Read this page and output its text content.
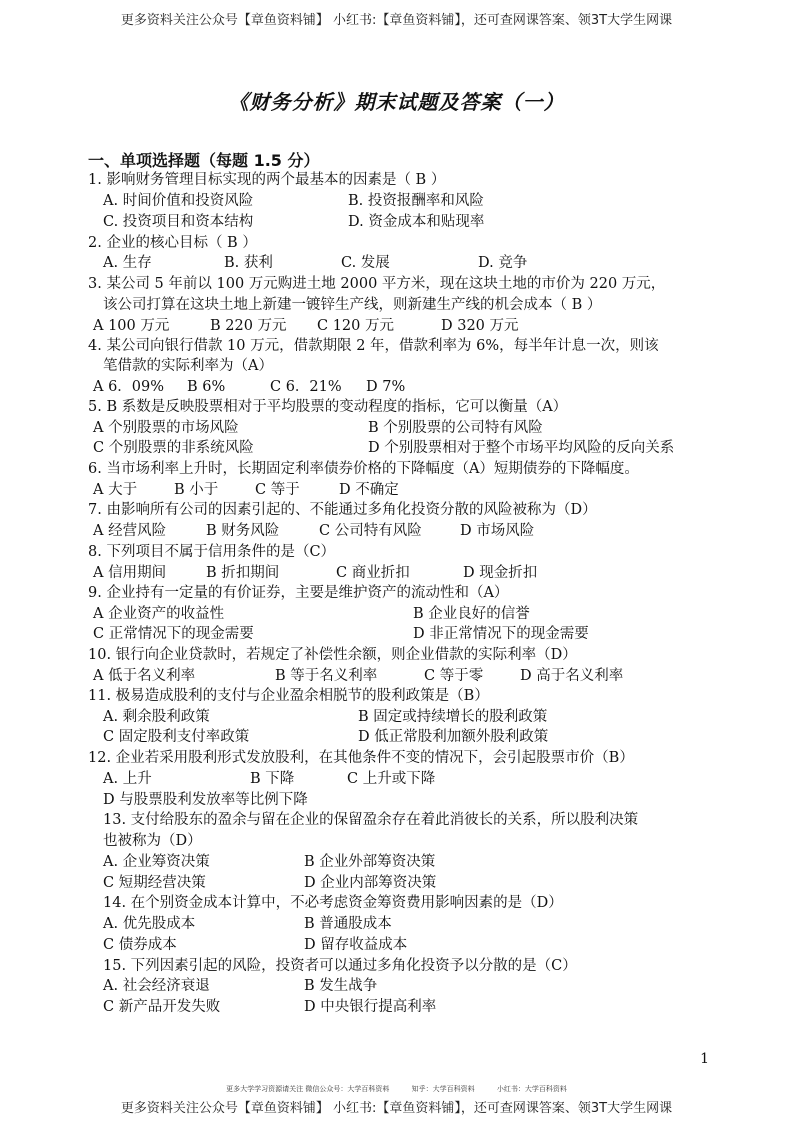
更多资料关注公众号【章鱼资料铺】 小红书:【章鱼资料铺】，还可查网课答案、领3T大学生网课
《财务分析》期末试题及答案（一）
一、单项选择题（每题 1.5 分）
1. 影响财务管理目标实现的两个最基本的因素是（ B ）
A. 时间价值和投资风险	B. 投资报酬率和风险
C. 投资项目和资本结构	D. 资金成本和贴现率
2. 企业的核心目标（ B ）
A. 生存	B. 获利	C. 发展	D. 竞争
3. 某公司 5 年前以 100 万元购进土地 2000 平方米，现在这块土地的市价为 220 万元，
该公司打算在这块土地上新建一镀锌生产线，则新建生产线的机会成本（ B ）
A 100 万元	B 220 万元 C 120 万元	D 320 万元
4. 某公司向银行借款 10 万元，借款期限 2 年，借款利率为 6%，每半年计息一次，则该
笔借款的实际利率为（A）
A 6．09% B 6%	C 6．21% D 7%
5. Β 系数是反映股票相对于平均股票的变动程度的指标，它可以衡量（A）
A 个别股票的市场风险	B 个别股票的公司特有风险
C 个别股票的非系统风险	D 个别股票相对于整个市场平均风险的反向关系
6. 当市场利率上升时，长期固定利率债券价格的下降幅度（A）短期债券的下降幅度。
A 大于	B 小于	C 等于	D 不确定
7. 由影响所有公司的因素引起的、不能通过多角化投资分散的风险被称为（D）
A 经营风险	B 财务风险	C 公司特有风险	D 市场风险
8. 下列项目不属于信用条件的是（C）
A 信用期间	B 折扣期间	C 商业折扣	D 现金折扣
9. 企业持有一定量的有价证券，主要是维护资产的流动性和（A）
A 企业资产的收益性	B 企业良好的信誉
C 正常情况下的现金需要	D 非正常情况下的现金需要
10. 银行向企业贷款时，若规定了补偿性余额，则企业借款的实际利率（D）
A 低于名义利率	B 等于名义利率	C 等于零	D 高于名义利率
11. 极易造成股利的支付与企业盈余相脱节的股利政策是（B）
A. 剩余股利政策	B 固定或持续增长的股利政策
C 固定股利支付率政策	D 低正常股利加额外股利政策
12. 企业若采用股利形式发放股利，在其他条件不变的情况下，会引起股票市价（B）
A. 上升	B 下降	C 上升或下降
D 与股票股利发放率等比例下降
13. 支付给股东的盈余与留在企业的保留盈余存在着此消彼长的关系，所以股利决策
也被称为（D）
A. 企业筹资决策	B 企业外部筹资决策
C 短期经营决策	D 企业内部筹资决策
14. 在个别资金成本计算中，不必考虑资金筹资费用影响因素的是（D）
A. 优先股成本	B 普通股成本
C 债券成本	D 留存收益成本
15. 下列因素引起的风险，投资者可以通过多角化投资予以分散的是（C）
A. 社会经济衰退	B 发生战争
C 新产品开发失败	D 中央银行提高利率
1
更多大学学习资源请关注 微信公众号：大学百科资料	知乎：大学百科资料	小红书：大学百科资料
更多资料关注公众号【章鱼资料铺】 小红书:【章鱼资料铺】，还可查网课答案、领3T大学生网课
